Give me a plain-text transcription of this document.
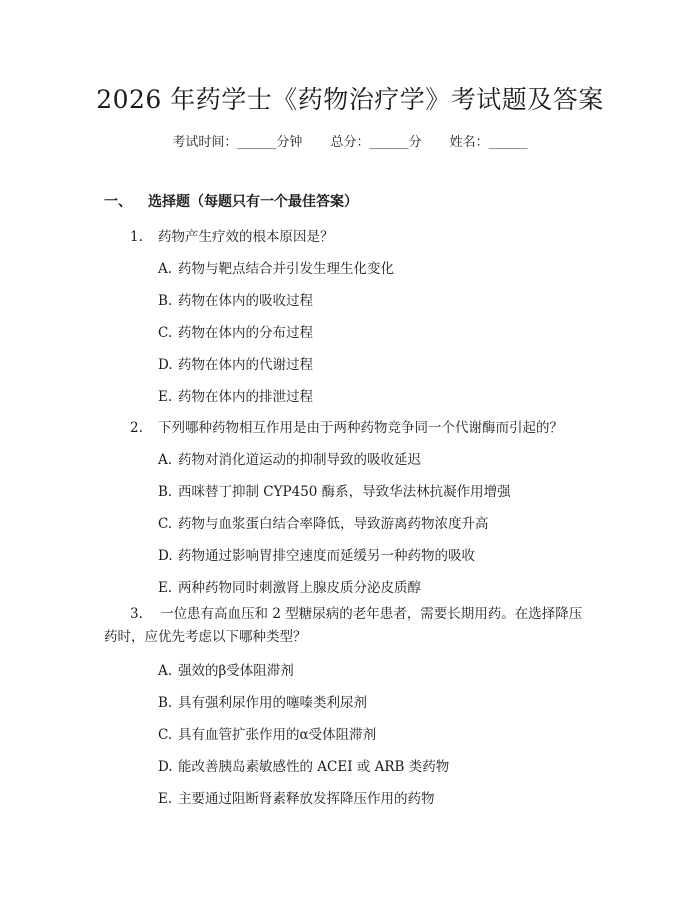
2026 年药学士《药物治疗学》考试题及答案
考试时间：______分钟 总分：______分 姓名：______
一、 选择题（每题只有一个最佳答案）
1. 药物产生疗效的根本原因是？
A. 药物与靶点结合并引发生理生化变化
B. 药物在体内的吸收过程
C. 药物在体内的分布过程
D. 药物在体内的代谢过程
E. 药物在体内的排泄过程
2. 下列哪种药物相互作用是由于两种药物竞争同一个代谢酶而引起的？
A. 药物对消化道运动的抑制导致的吸收延迟
B. 西咪替丁抑制 CYP450 酶系，导致华法林抗凝作用增强
C. 药物与血浆蛋白结合率降低，导致游离药物浓度升高
D. 药物通过影响胃排空速度而延缓另一种药物的吸收
E. 两种药物同时刺激肾上腺皮质分泌皮质醇
3. 一位患有高血压和 2 型糖尿病的老年患者，需要长期用药。在选择降压药时，应优先考虑以下哪种类型？
A. 强效的β受体阻滞剂
B. 具有强利尿作用的噻嗪类利尿剂
C. 具有血管扩张作用的α受体阻滞剂
D. 能改善胰岛素敏感性的 ACEI 或 ARB 类药物
E. 主要通过阻断肾素释放发挥降压作用的药物
